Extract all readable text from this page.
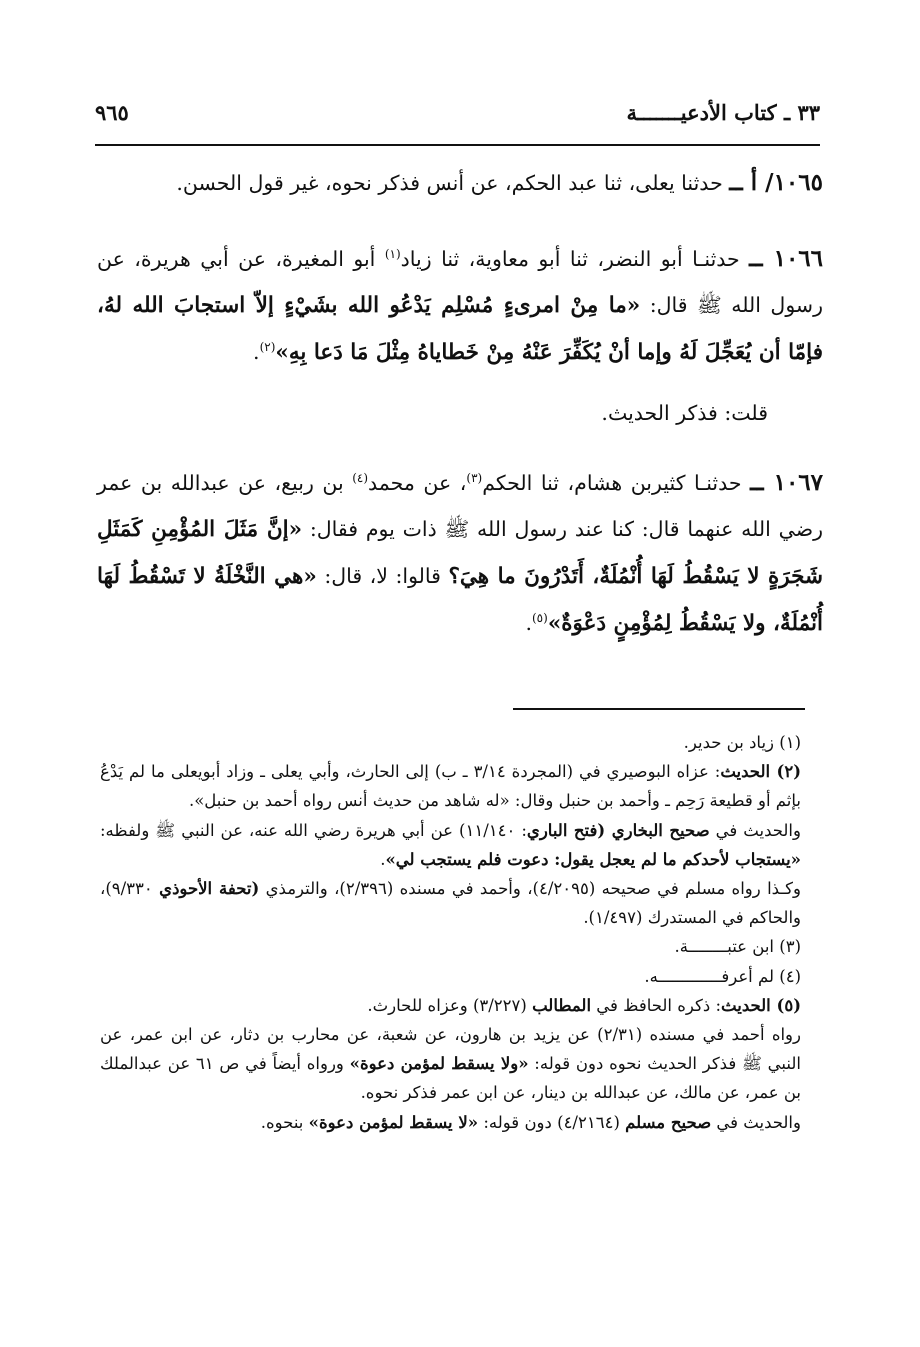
٣٣ ـ كتاب الأدعيـــــــة
٩٦٥

١٠٦٥/ أ ــ حدثنا يعلى، ثنا عبد الحكم، عن أنس فذكر نحوه، غير قول الحسن.

١٠٦٦ ــ حدثنـا أبو النضر، ثنا أبو معاوية، ثنا زياد$^{(١)}$ أبو المغيرة، عن أبي هريرة، عن رسول الله ﷺ قال: «ما مِنْ امرىءٍ مُسْلِم يَدْعُو الله بشَيْءٍ إلاّ استجابَ الله لهُ، فإمّا أن يُعَجِّلَ لَهُ وإما أنْ يُكَفِّرَ عَنْهُ مِنْ خَطاياهُ مِثْلَ مَا دَعا بِهِ»$^{(٢)}$.

قلت: فذكر الحديث.

١٠٦٧ ــ حدثنـا كثيربن هشام، ثنا الحكم$^{(٣)}$، عن محمد$^{(٤)}$ بن ربيع، عن عبدالله بن عمر رضي الله عنهما قال: كنا عند رسول الله ﷺ ذات يوم فقال: «إنَّ مَثَلَ المُؤْمِنِ كَمَثَلِ شَجَرَةٍ لا يَسْقُطُ لَهَا أُنْمُلَةٌ، أَتَدْرُونَ ما هِيَ؟ قالوا: لا، قال: «هي النَّخْلَةُ لا تَسْقُطُ لَهَا أُنْمُلَةٌ، ولا يَسْقُطُ لِمُؤْمِنٍ دَعْوَةٌ»$^{(٥)}$.

(١) زياد بن حدير.

(٢) الحديث: عزاه البوصيري في (المجردة ٣/١٤ ـ ب) إلى الحارث، وأبي يعلى ـ وزاد أبويعلى ما لم يَدْعُ بإثم أو قطيعة رَحِم ـ وأحمد بن حنبل وقال: «له شاهد من حديث أنس رواه أحمد بن حنبل».

والحديث في صحيح البخاري (فتح الباري: ١١/١٤٠) عن أبي هريرة رضي الله عنه، عن النبي ﷺ ولفظه: «يستجاب لأحدكم ما لم يعجل يقول: دعوت فلم يستجب لي».

وكـذا رواه مسلم في صحيحه (٤/٢٠٩٥)، وأحمد في مسنده (٢/٣٩٦)، والترمذي (تحفة الأحوذي ٩/٣٣٠)، والحاكم في المستدرك (١/٤٩٧).

(٣) ابن عتبــــــــة.

(٤) لم أعرفـــــــــــــه.

(٥) الحديث: ذكره الحافظ في المطالب (٣/٢٢٧) وعزاه للحارث.

رواه أحمد في مسنده (٢/٣١) عن يزيد بن هارون، عن شعبة، عن محارب بن دثار، عن ابن عمر، عن النبي ﷺ فذكر الحديث نحوه دون قوله: «ولا يسقط لمؤمن دعوة» ورواه أيضاً في ص ٦١ عن عبدالملك بن عمر، عن مالك، عن عبدالله بن دينار، عن ابن عمر فذكر نحوه.

والحديث في صحيح مسلم (٤/٢١٦٤) دون قوله: «لا يسقط لمؤمن دعوة» بنحوه.
